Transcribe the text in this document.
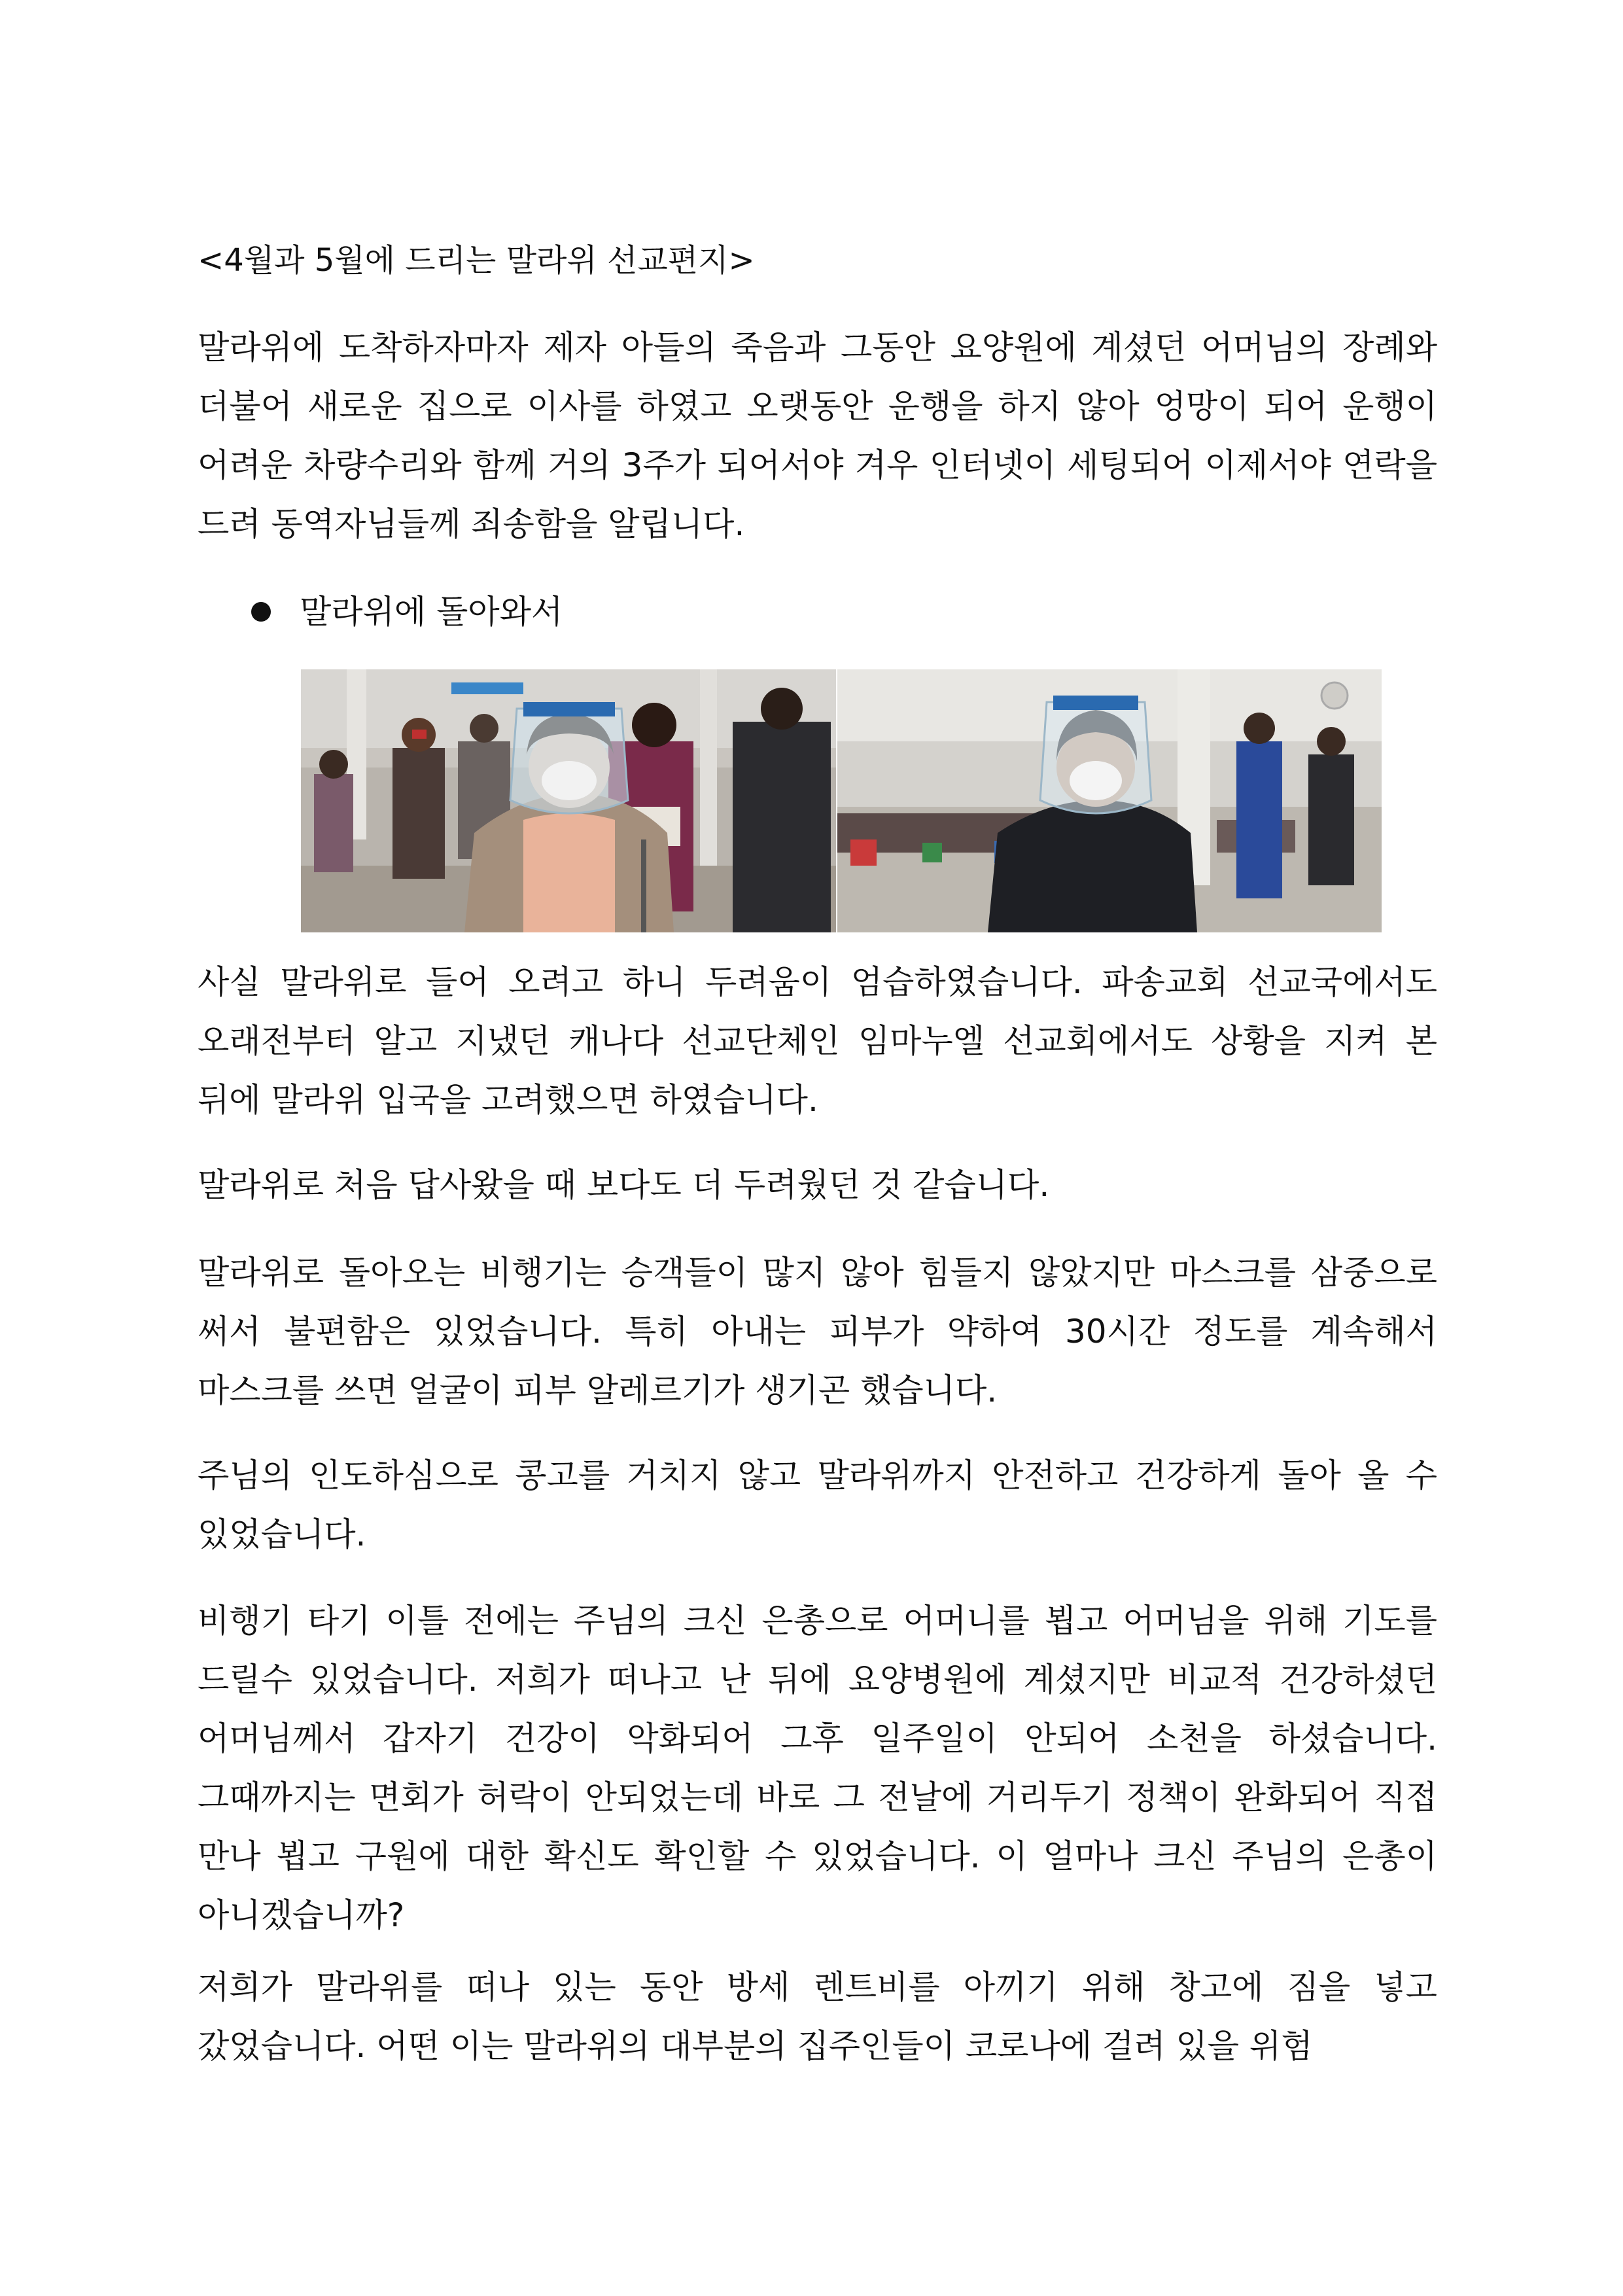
<4월과 5월에 드리는 말라위 선교편지>

말라위에 도착하자마자 제자 아들의 죽음과 그동안 요양원에 계셨던 어머님의 장례와 더불어 새로운 집으로 이사를 하였고 오랫동안 운행을 하지 않아 엉망이 되어 운행이 어려운 차량수리와 함께 거의 3주가 되어서야 겨우 인터넷이 세팅되어 이제서야 연락을 드려 동역자님들께 죄송함을 알립니다.

말라위에 돌아와서

사실 말라위로 들어 오려고 하니 두려움이 엄습하였습니다. 파송교회 선교국에서도 오래전부터 알고 지냈던 캐나다 선교단체인 임마누엘 선교회에서도 상황을 지켜 본 뒤에 말라위 입국을 고려했으면 하였습니다.

말라위로 처음 답사왔을 때 보다도 더 두려웠던 것 같습니다.

말라위로 돌아오는 비행기는 승객들이 많지 않아 힘들지 않았지만 마스크를 삼중으로 써서 불편함은 있었습니다. 특히 아내는 피부가 약하여 30시간 정도를 계속해서 마스크를 쓰면 얼굴이 피부 알레르기가 생기곤 했습니다.

주님의 인도하심으로 콩고를 거치지 않고 말라위까지 안전하고 건강하게 돌아 올 수 있었습니다.

비행기 타기 이틀 전에는 주님의 크신 은총으로 어머니를 뵙고 어머님을 위해 기도를 드릴수 있었습니다. 저희가 떠나고 난 뒤에 요양병원에 계셨지만 비교적 건강하셨던 어머님께서 갑자기 건강이 악화되어 그후 일주일이 안되어 소천을 하셨습니다. 그때까지는 면회가 허락이 안되었는데 바로 그 전날에 거리두기 정책이 완화되어 직접 만나 뵙고 구원에 대한 확신도 확인할 수 있었습니다. 이 얼마나 크신 주님의 은총이 아니겠습니까?

저희가 말라위를 떠나 있는 동안 방세 렌트비를 아끼기 위해 창고에 짐을 넣고 갔었습니다. 어떤 이는 말라위의 대부분의 집주인들이 코로나에 걸려 있을 위험
